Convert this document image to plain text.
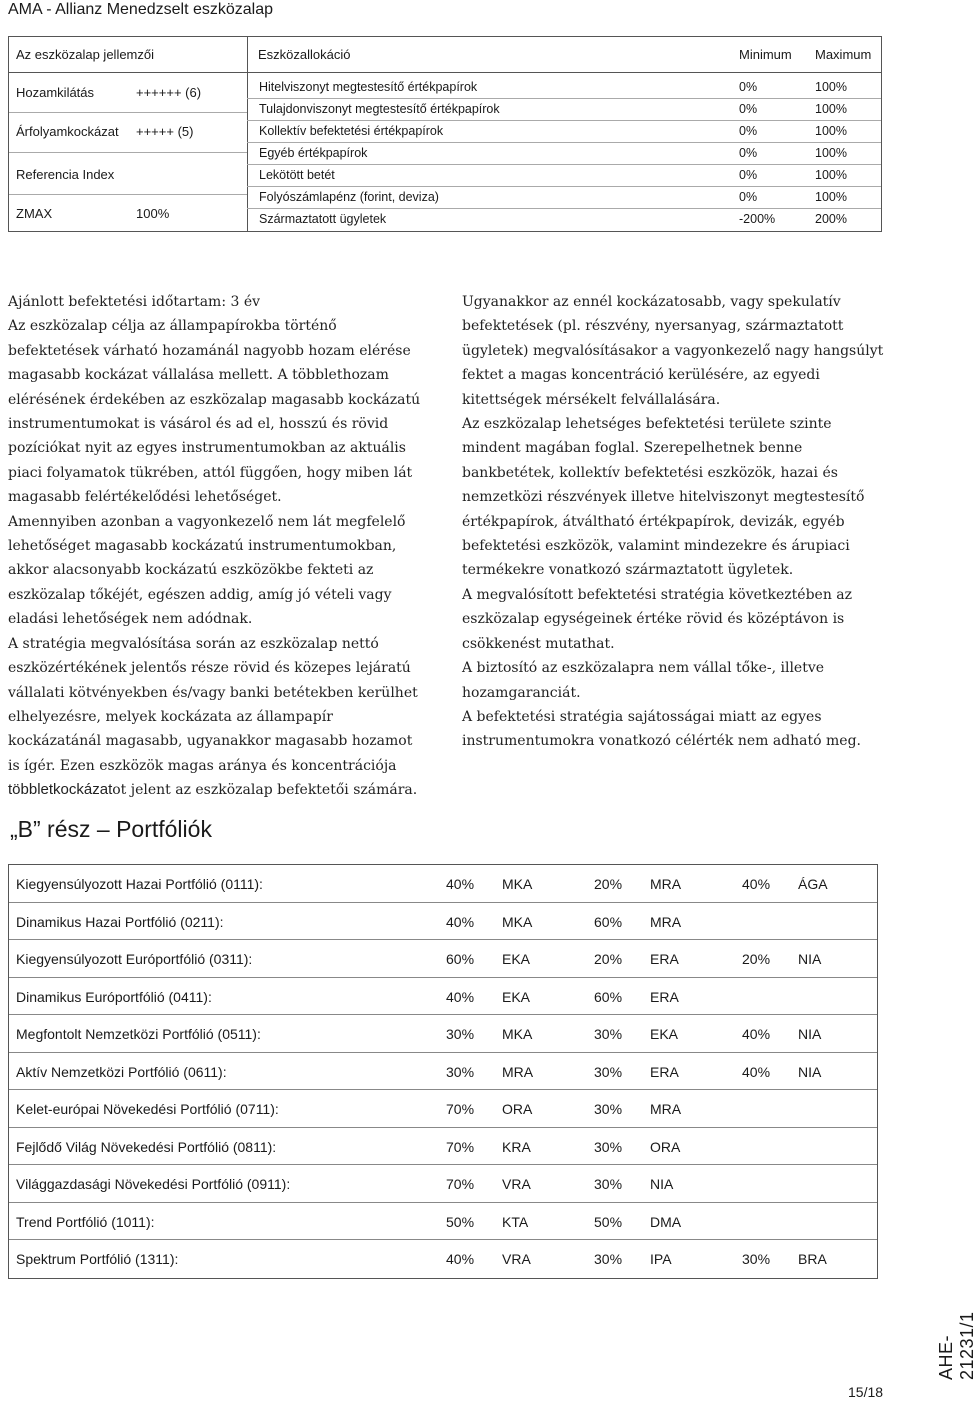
AMA - Allianz Menedzselt eszközalap
Az eszközalap jellemzői	Eszközallokáció	Minimum Maximum
Hozamkilátás	++++++ (6)
Árfolyamkockázat +++++ (5)
Referencia Index
ZMAX	100%
Hitelviszonyt megtestesítő értékpapírok	0%	100%
Tulajdonviszonyt megtestesítő értékpapírok	0%	100%
Kollektív befektetési értékpapírok	0%	100%
Egyéb értékpapírok	0%	100%
Lekötött betét	0%	100%
Folyószámlapénz (forint, deviza)	0%	100%
Származtatott ügyletek	-200%	200%

Ajánlott befektetési időtartam: 3 év

Az eszközalap célja az állampapírokba történő befektetések várható hozamánál nagyobb hozam elérése magasabb kockázat vállalása mellett. A többlethozam elérésének érdekében az eszközalap magasabb kockázatú instrumentumokat is vásárol és ad el, hosszú és rövid pozíciókat nyit az egyes instrumentumokban az aktuális piaci folyamatok tükrében, attól függően, hogy miben lát magasabb felértékelődési lehetőséget.

Amennyiben azonban a vagyonkezelő nem lát megfelelő lehetőséget magasabb kockázatú instrumentumokban, akkor alacsonyabb kockázatú eszközökbe fekteti az eszközalap tőkéjét, egészen addig, amíg jó vételi vagy eladási lehetőségek nem adódnak.

A stratégia megvalósítása során az eszközalap nettó eszközértékének jelentős része rövid és közepes lejáratú vállalati kötvényekben és/vagy banki betétekben kerülhet elhelyezésre, melyek kockázata az állampapír kockázatánál magasabb, ugyanakkor magasabb hozamot is ígér. Ezen eszközök magas aránya és koncentrációja többletkockázatot jelent az eszközalap befektetői számára.

Ugyanakkor az ennél kockázatosabb, vagy spekulatív befektetések (pl. részvény, nyersanyag, származtatott ügyletek) megvalósításakor a vagyonkezelő nagy hangsúlyt fektet a magas koncentráció kerülésére, az egyedi kitettségek mérsékelt felvállalására.

Az eszközalap lehetséges befektetési területe szinte mindent magában foglal. Szerepelhetnek benne bankbetétek, kollektív befektetési eszközök, hazai és nemzetközi részvények illetve hitelviszonyt megtestesítő értékpapírok, átváltható értékpapírok, devizák, egyéb befektetési eszközök, valamint mindezekre és árupiaci termékekre vonatkozó származtatott ügyletek.

A megvalósított befektetési stratégia következtében az eszközalap egységeinek értéke rövid és középtávon is csökkenést mutathat.

A biztosító az eszközalapra nem vállal tőke-, illetve hozamgaranciát.

A befektetési stratégia sajátosságai miatt az egyes instrumentumokra vonatkozó célérték nem adható meg.

„B” rész – Portfóliók
Kiegyensúlyozott Hazai Portfólió (0111):	40% MKA	20% MRA	40% ÁGA
Dinamikus Hazai Portfólió (0211):	40% MKA	60% MRA
Kiegyensúlyozott Európortfólió (0311):	60% EKA	20% ERA	20% NIA
Dinamikus Európortfólió (0411):	40% EKA	60% ERA
Megfontolt Nemzetközi Portfólió (0511):	30% MKA	30% EKA	40% NIA
Aktív Nemzetközi Portfólió (0611):	30% MRA	30% ERA	40% NIA
Kelet-európai Növekedési Portfólió (0711):	70% ORA	30% MRA
Fejlődő Világ Növekedési Portfólió (0811):	70% KRA	30% ORA
Világgazdasági Növekedési Portfólió (0911):	70% VRA	30% NIA
Trend Portfólió (1011):	50% KTA	50% DMA
Spektrum Portfólió (1311):	40% VRA	30% IPA	30% BRA
AHE-21231/1
15/18
